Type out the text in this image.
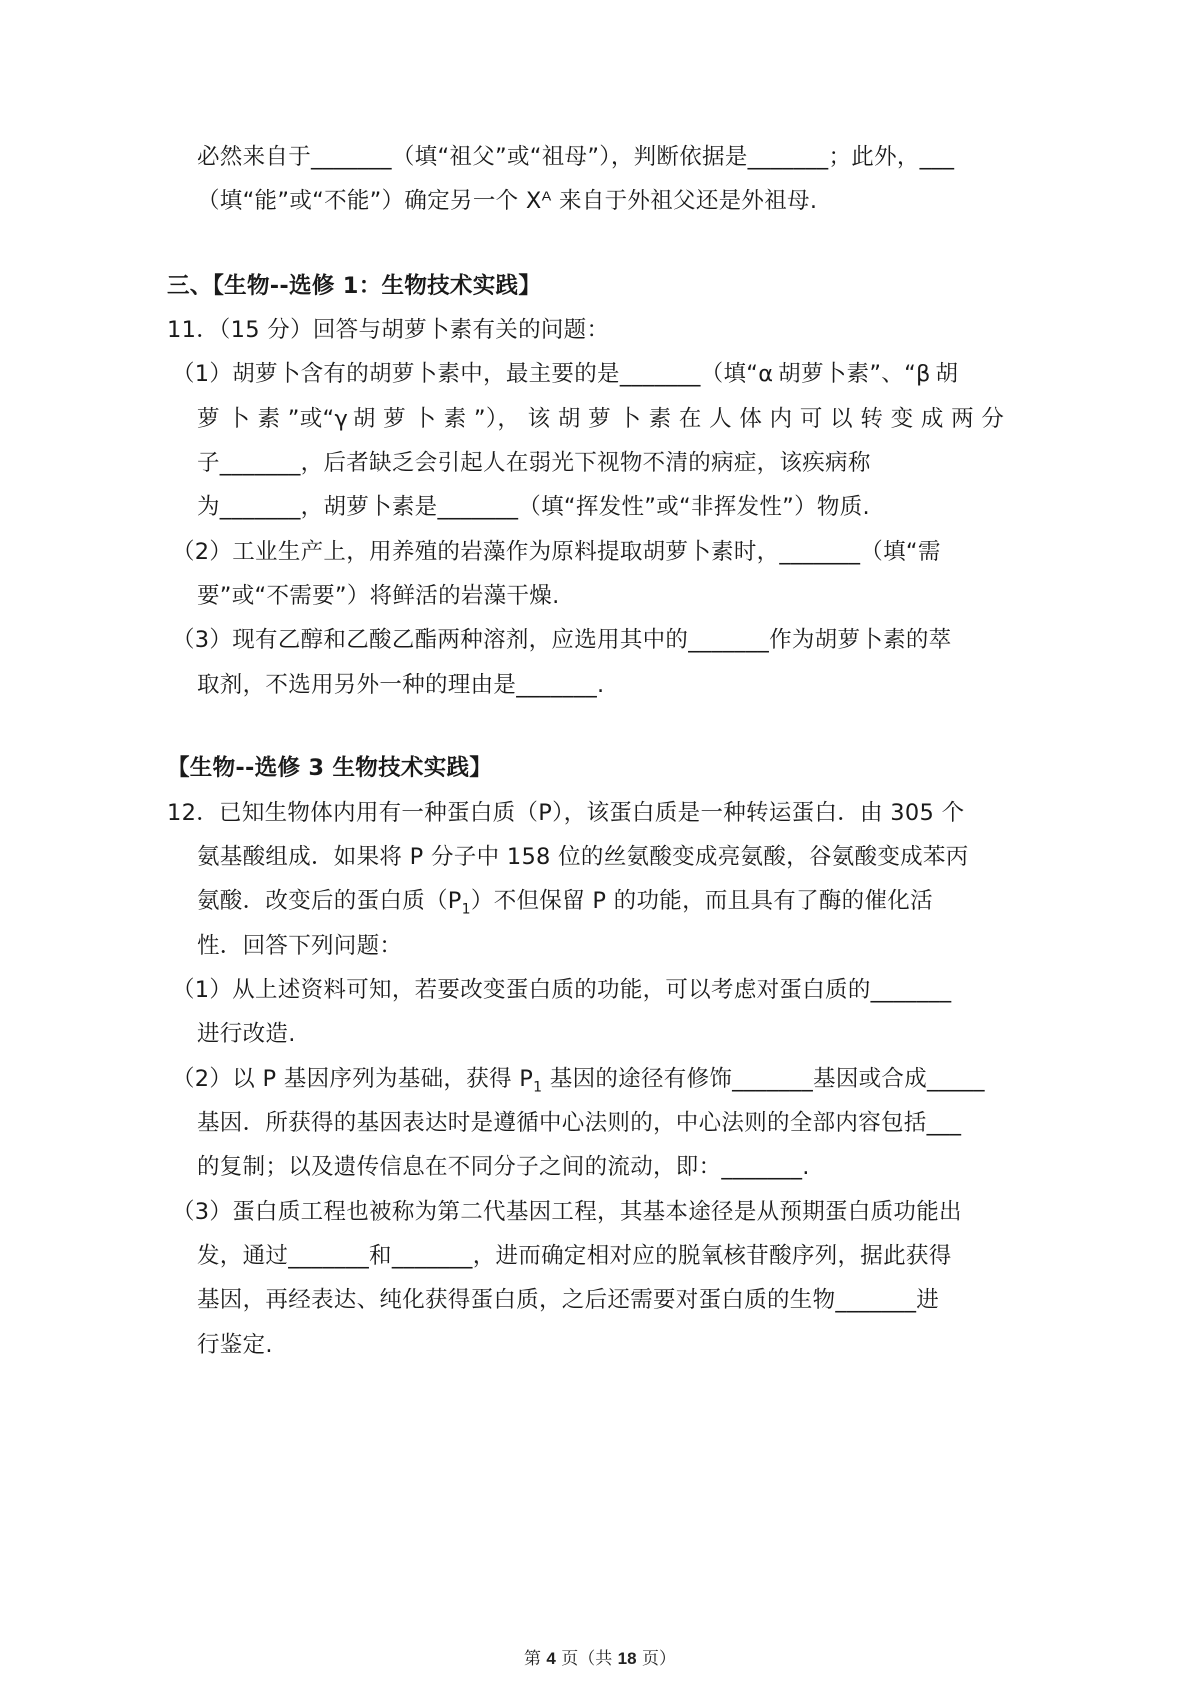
必然来自于_______（填“祖父”或“祖母”），判断依据是_______；此外，___
（填“能”或“不能”）确定另一个 Xᴬ 来自于外祖父还是外祖母.
三、【生物--选修 1：生物技术实践】
11．（15 分）回答与胡萝卜素有关的问题：
（1）胡萝卜含有的胡萝卜素中，最主要的是_______（填“α 胡萝卜素”、“β 胡
萝 卜 素 ”或“γ 胡 萝 卜 素 ”）， 该 胡 萝 卜 素 在 人 体 内 可 以 转 变 成 两 分
子_______，后者缺乏会引起人在弱光下视物不清的病症，该疾病称
为_______，胡萝卜素是_______（填“挥发性”或“非挥发性”）物质.
（2）工业生产上，用养殖的岩藻作为原料提取胡萝卜素时，_______（填“需
要”或“不需要”）将鲜活的岩藻干燥.
（3）现有乙醇和乙酸乙酯两种溶剂，应选用其中的_______作为胡萝卜素的萃
取剂，不选用另外一种的理由是_______.
【生物--选修 3 生物技术实践】
12．已知生物体内用有一种蛋白质（P），该蛋白质是一种转运蛋白．由 305 个
氨基酸组成．如果将 P 分子中 158 位的丝氨酸变成亮氨酸，谷氨酸变成苯丙
氨酸．改变后的蛋白质$(P_1)$不但保留 P 的功能，而且具有了酶的催化活
性．回答下列问题：
（1）从上述资料可知，若要改变蛋白质的功能，可以考虑对蛋白质的_______
进行改造.
（2）以 P 基因序列为基础，获得 $P_1$ 基因的途径有修饰_______基因或合成_____
基因．所获得的基因表达时是遵循中心法则的，中心法则的全部内容包括___
的复制；以及遗传信息在不同分子之间的流动，即：_______.
（3）蛋白质工程也被称为第二代基因工程，其基本途径是从预期蛋白质功能出
发，通过_______和_______，进而确定相对应的脱氧核苷酸序列，据此获得
基因，再经表达、纯化获得蛋白质，之后还需要对蛋白质的生物_______进
行鉴定.
第 4 页（共 18 页）
